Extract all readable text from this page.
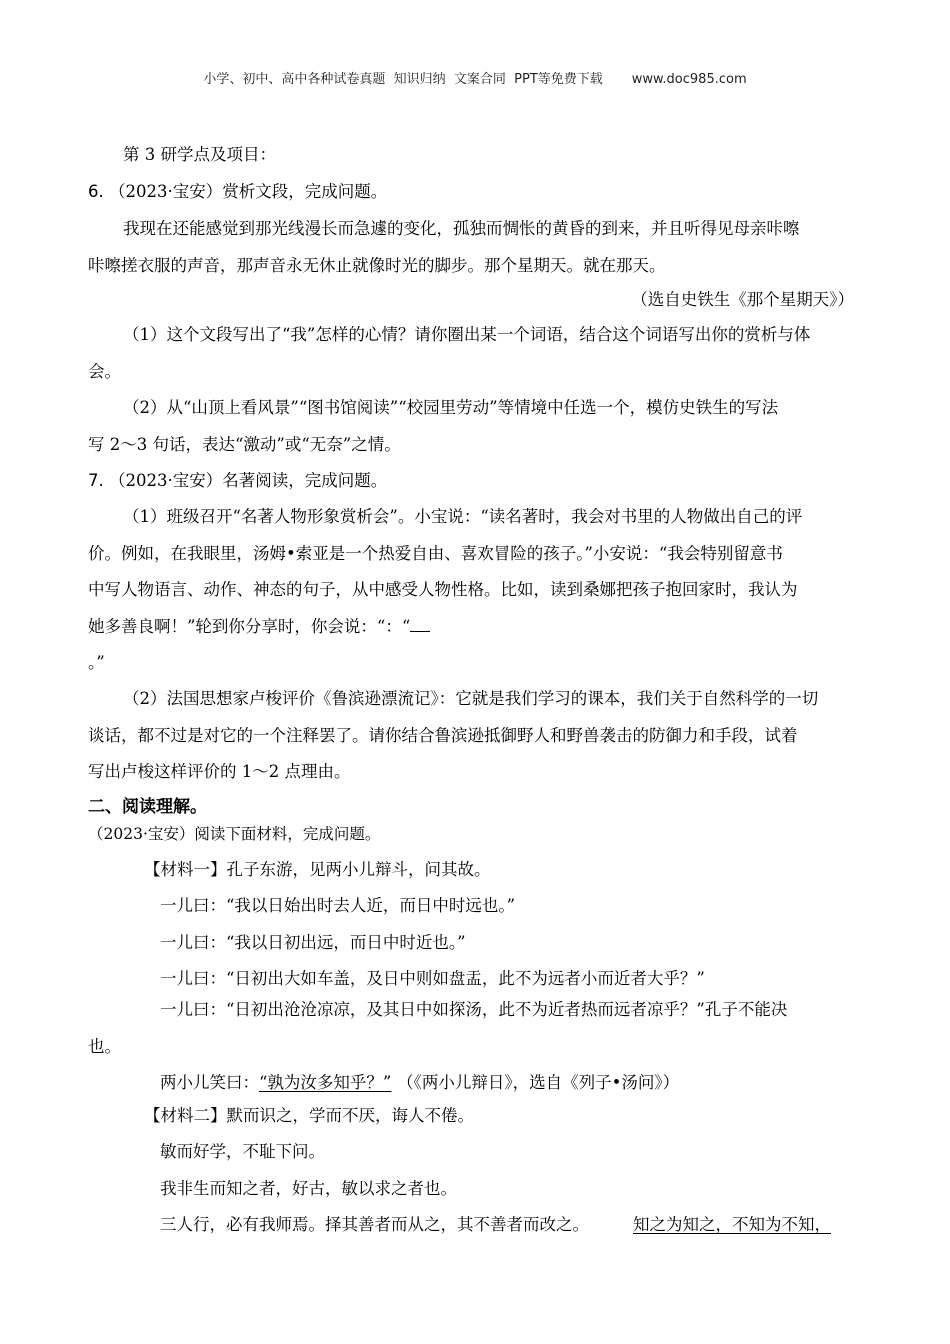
小学、初中、高中各种试卷真题  知识归纳  文案合同  PPT等免费下载       www.doc985.com
第 3 研学点及项目：
6. （2023·宝安）赏析文段，完成问题。
我现在还能感觉到那光线漫长而急遽的变化，孤独而惆怅的黄昏的到来，并且听得见母亲咔嚓
咔嚓搓衣服的声音，那声音永无休止就像时光的脚步。那个星期天。就在那天。
（选自史铁生《那个星期天》）
（1）这个文段写出了“我”怎样的心情？请你圈出某一个词语，结合这个词语写出你的赏析与体
会。
（2）从“山顶上看风景”“图书馆阅读”“校园里劳动”等情境中任选一个，模仿史铁生的写法
写 2～3 句话，表达“激动”或“无奈”之情。
7. （2023·宝安）名著阅读，完成问题。
（1）班级召开“名著人物形象赏析会”。小宝说：“读名著时，我会对书里的人物做出自己的评
价。例如，在我眼里，汤姆•索亚是一个热爱自由、喜欢冒险的孩子。”小安说：“我会特别留意书
中写人物语言、动作、神态的句子，从中感受人物性格。比如，读到桑娜把孩子抱回家时，我认为
她多善良啊！”轮到你分享时，你会说：“：“
。”
（2）法国思想家卢梭评价《鲁滨逊漂流记》：它就是我们学习的课本，我们关于自然科学的一切
谈话，都不过是对它的一个注释罢了。请你结合鲁滨逊抵御野人和野兽袭击的防御力和手段，试着
写出卢梭这样评价的 1～2 点理由。
二、阅读理解。
（2023·宝安）阅读下面材料，完成问题。
【材料一】孔子东游，见两小儿辩斗，问其故。
一儿曰：“我以日始出时去人近，而日中时远也。”
一儿曰：“我以日初出远，而日中时近也。”
一儿曰：“日初出大如车盖，及日中则如盘盂，此不为远者小而近者大乎？”
一儿曰：“日初出沧沧凉凉，及其日中如探汤，此不为近者热而远者凉乎？”孔子不能决
也。
两小儿笑曰：“孰为汝多知乎？” （《两小儿辩日》，选自《列子•汤问》）
【材料二】默而识之，学而不厌，诲人不倦。
敏而好学，不耻下问。
我非生而知之者，好古，敏以求之者也。
三人行，必有我师焉。择其善者而从之，其不善者而改之。	知之为知之，不知为不知，
